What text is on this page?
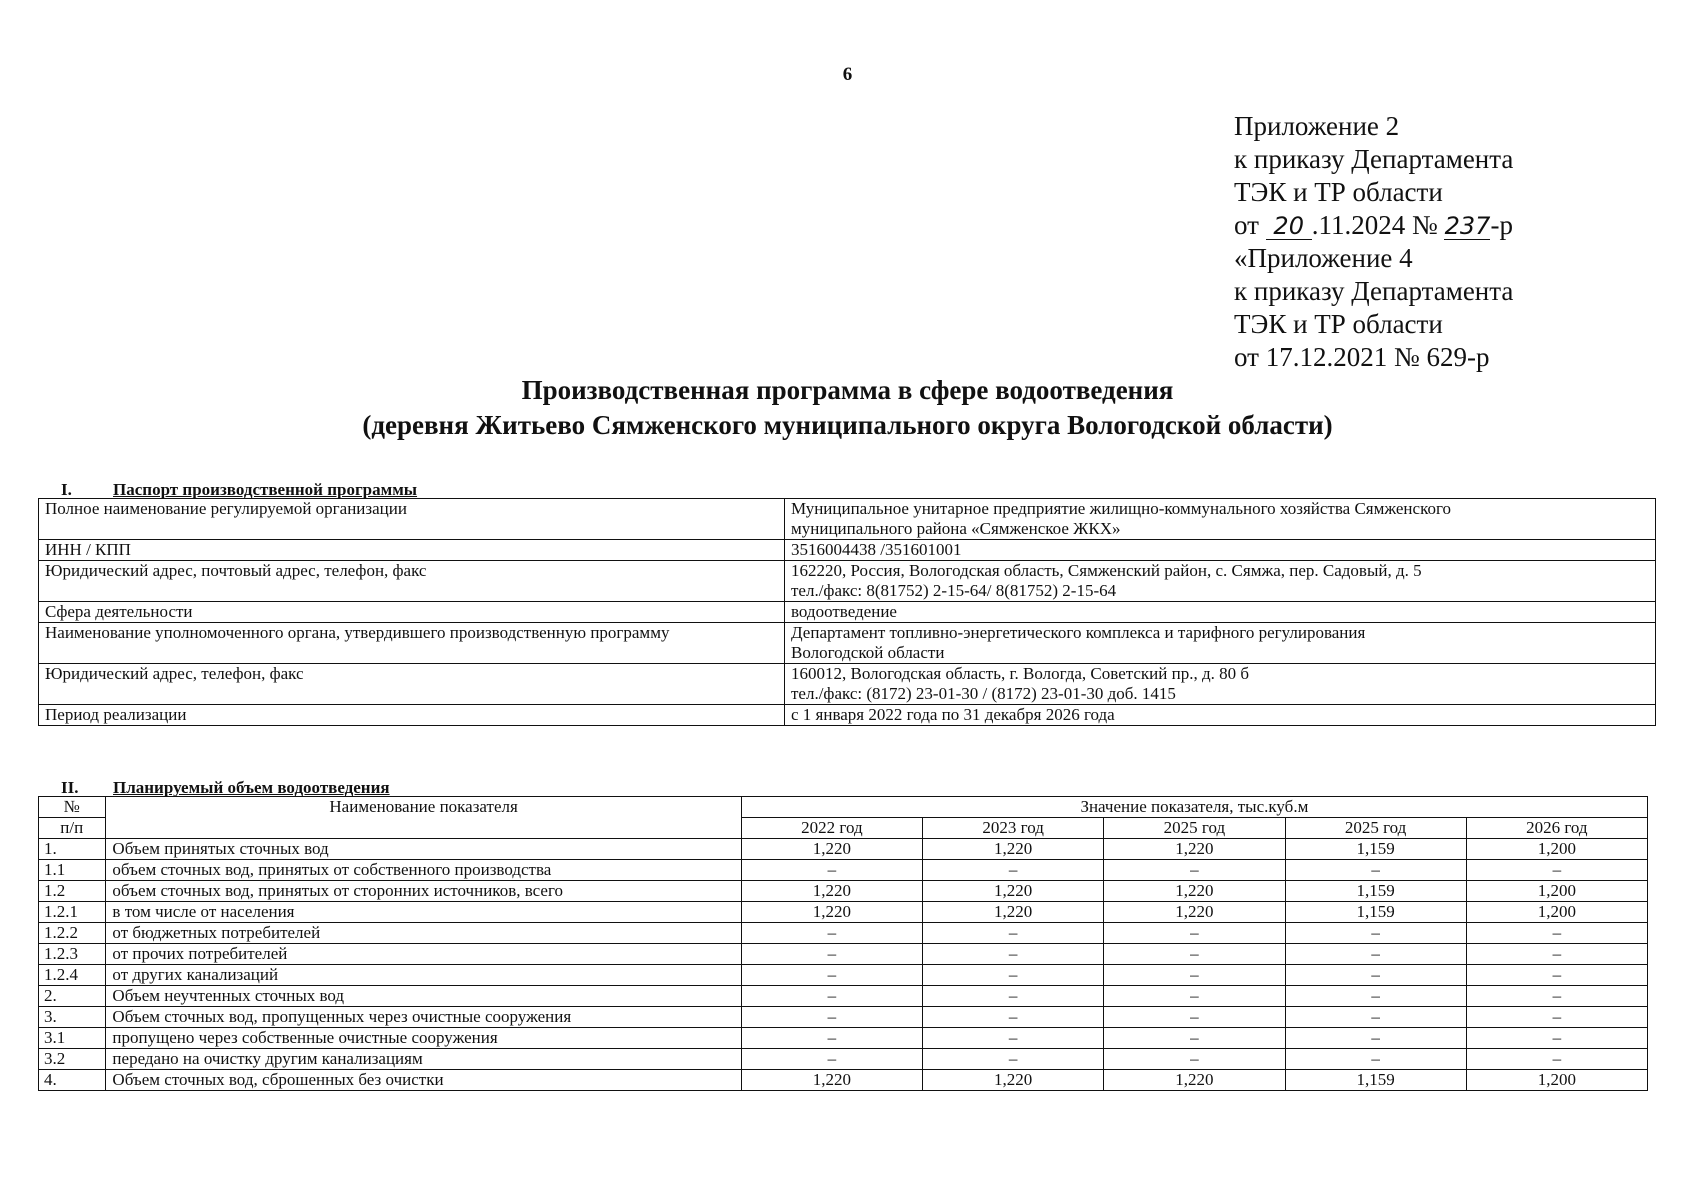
6
Приложение 2
к приказу Департамента
ТЭК и ТР области
от 20 .11.2024 № 237-р
«Приложение 4
к приказу Департамента
ТЭК и ТР области
от 17.12.2021 № 629-р
Производственная программа в сфере водоотведения
(деревня Житьево Сямженского муниципального округа Вологодской области)
I. Паспорт производственной программы
Полное наименование регулируемой организации	Муниципальное унитарное предприятие жилищно-коммунального хозяйства Сямженского
муниципального района «Сямженское ЖКХ»

ИНН / КПП	3516004438 /351601001

Юридический адрес, почтовый адрес, телефон, факс	162220, Россия, Вологодская область, Сямженский район, с. Сямжа, пер. Садовый, д. 5
тел./факс: 8(81752) 2-15-64/ 8(81752) 2-15-64

Сфера деятельности	водоотведение

Наименование уполномоченного органа, утвердившего производственную программу	Департамент топливно-энергетического комплекса и тарифного регулирования
Вологодской области

Юридический адрес, телефон, факс	160012, Вологодская область, г. Вологда, Советский пр., д. 80 б
тел./факс: (8172) 23-01-30 / (8172) 23-01-30 доб. 1415

Период реализации	с 1 января 2022 года по 31 декабря 2026 года
II. Планируемый объем водоотведения
№	Наименование показателя	Значение показателя, тыс.куб.м				
п/п		2022 год	2023 год	2025 год	2025 год	2026 год
1.	Объем принятых сточных вод	1,220	1,220	1,220	1,159	1,200
1.1	объем сточных вод, принятых от собственного производства	–	–	–	–	–
1.2	объем сточных вод, принятых от сторонних источников, всего	1,220	1,220	1,220	1,159	1,200
1.2.1	в том числе от населения	1,220	1,220	1,220	1,159	1,200
1.2.2	от бюджетных потребителей	–	–	–	–	–
1.2.3	от прочих потребителей	–	–	–	–	–
1.2.4	от других канализаций	–	–	–	–	–
2.	Объем неучтенных сточных вод	–	–	–	–	–
3.	Объем сточных вод, пропущенных через очистные сооружения	–	–	–	–	–
3.1	пропущено через собственные очистные сооружения	–	–	–	–	–
3.2	передано на очистку другим канализациям	–	–	–	–	–
4.	Объем сточных вод, сброшенных без очистки	1,220	1,220	1,220	1,159	1,200
